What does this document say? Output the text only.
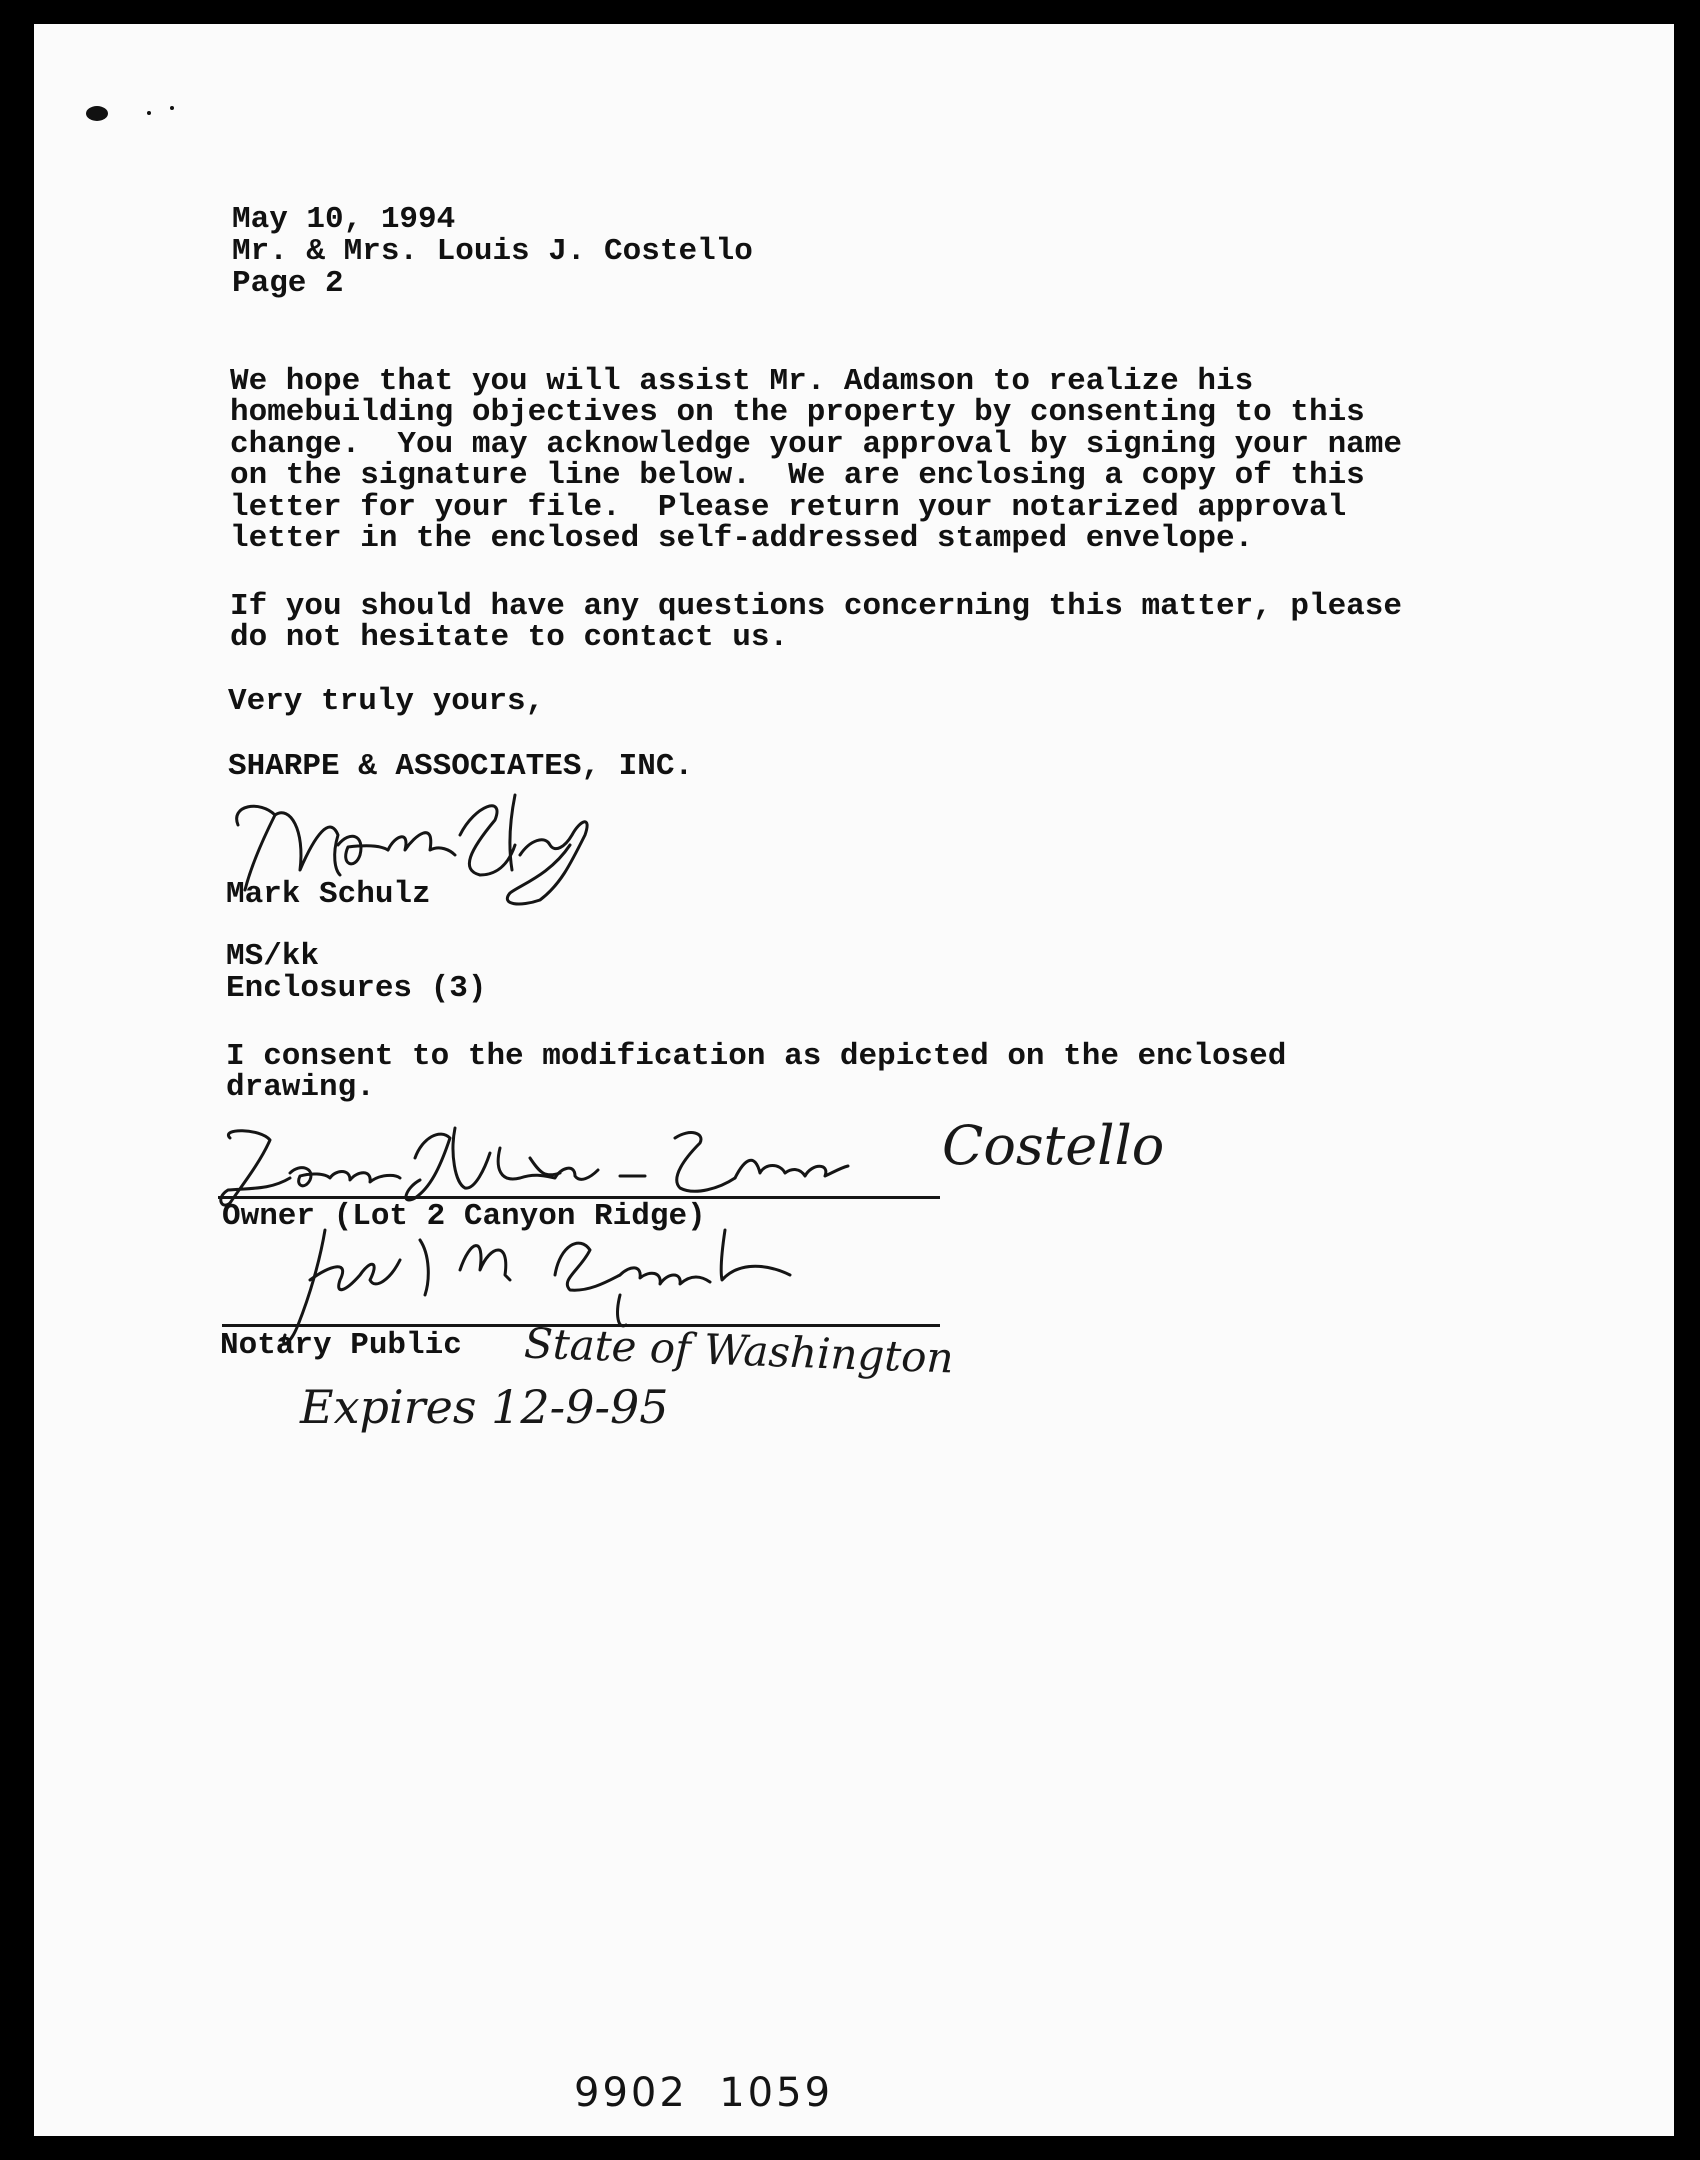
May 10, 1994

Mr. & Mrs. Louis J. Costello

Page 2

We hope that you will assist Mr. Adamson to realize his

homebuilding objectives on the property by consenting to this

change.  You may acknowledge your approval by signing your name

on the signature line below.  We are enclosing a copy of this

letter for your file.  Please return your notarized approval

letter in the enclosed self-addressed stamped envelope.

If you should have any questions concerning this matter, please

do not hesitate to contact us.

Very truly yours,

SHARPE & ASSOCIATES, INC.

Mark Schulz

MS/kk

Enclosures (3)

I consent to the modification as depicted on the enclosed

drawing.

Costello

Owner (Lot 2 Canyon Ridge)

Notary Public State of Washington

Expires 12-9-95

9902  1059
